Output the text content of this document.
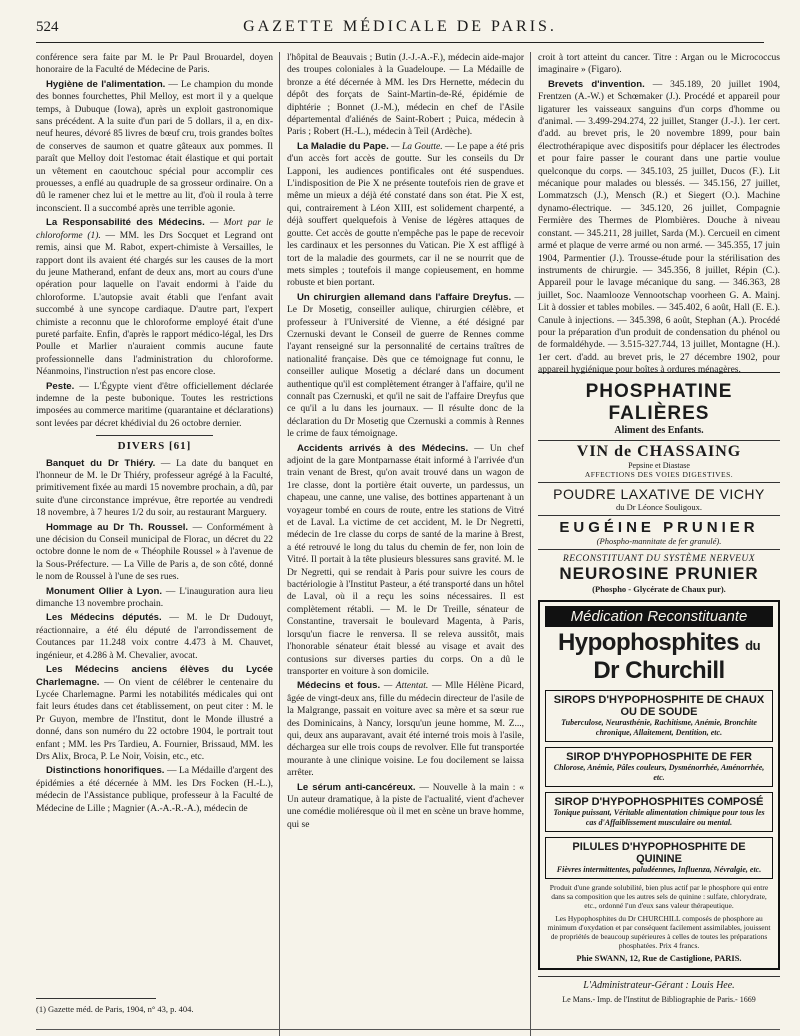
524	GAZETTE MÉDICALE DE PARIS.

conférence sera faite par M. le Pr Paul Brouardel, doyen honoraire de la Faculté de Médecine de Paris.

Hygiène de l'alimentation. — Le champion du monde des bonnes fourchettes, Phil Melloy, est mort il y a quelque temps, à Dubuque (Iowa), après un exploit gastronomique sans précédent. A la suite d'un pari de 5 dollars, il a, en dix-neuf heures, dévoré 85 livres de bœuf cru, trois grandes boîtes de conserves de saumon et quatre gâteaux aux pommes. Il paraît que Melloy doit l'estomac était élastique et qui portait un vêtement en caoutchouc spécial pour accomplir ces prouesses, a enflé au quadruple de sa grosseur ordinaire. On a dû le ramener chez lui et le mettre au lit, d'où il roula à terre inconscient. Il a succombé après une terrible agonie.

La Responsabilité des Médecins. — Mort par le chloroforme (1). — MM. les Drs Socquet et Legrand ont remis, ainsi que M. Rabot, expert-chimiste à Versailles, le rapport dont ils avaient été chargés sur les causes de la mort du jeune Matherand, enfant de deux ans, mort au cours d'une opération pour laquelle on l'avait endormi à l'aide du chloroforme. L'autopsie avait établi que l'enfant avait succombé à une syncope cardiaque. D'autre part, l'expert chimiste a reconnu que le chloroforme employé était d'une pureté parfaite. Enfin, d'après le rapport médico-légal, les Drs Poulle et Marlier n'auraient commis aucune faute professionnelle dans l'administration du chloroforme. Néanmoins, l'instruction n'est pas encore close.

Peste. — L'Égypte vient d'être officiellement déclarée indemne de la peste bubonique. Toutes les restrictions imposées au commerce maritime (quarantaine et déclarations) sont levées par décret khédivial du 26 octobre dernier.

DIVERS [61]

Banquet du Dr Thiéry. — La date du banquet en l'honneur de M. le Dr Thiéry, professeur agrégé à la Faculté, primitivement fixée au mardi 15 novembre prochain, a dû, par suite d'une circonstance imprévue, être reportée au vendredi 18 novembre, à 7 heures 1/2 du soir, au restaurant Marguery.

Hommage au Dr Th. Roussel. — Conformément à une décision du Conseil municipal de Florac, un décret du 22 octobre donne le nom de « Théophile Roussel » à l'avenue de la Sous-Préfecture. — La Ville de Paris a, de son côté, donné le nom de Roussel à l'une de ses rues.

Monument Ollier à Lyon. — L'inauguration aura lieu dimanche 13 novembre prochain.

Les Médecins députés. — M. le Dr Dudouyt, réactionnaire, a été élu député de l'arrondissement de Coutances par 11.248 voix contre 4.473 à M. Chauvet, ingénieur, et 4.286 à M. Chevalier, avocat.

Les Médecins anciens élèves du Lycée Charlemagne. — On vient de célébrer le centenaire du Lycée Charlemagne. Parmi les notabilités médicales qui ont fait leurs études dans cet établissement, on peut citer : M. le Pr Guyon, membre de l'Institut, dont le Monde illustré a donné, dans son numéro du 22 octobre 1904, le portrait tout enfant ; MM. les Prs Tardieu, A. Fournier, Brissaud, MM. les Drs Alix, Broca, P. Le Noir, Voisin, etc., etc.

Distinctions honorifiques. — La Médaille d'argent des épidémies a été décernée à MM. les Drs Focken (H.-L.), médecin de l'Assistance publique, professeur à la Faculté de Médecine de Lille ; Magnier (A.-A.-R.-A.), médecin de

(1) Gazette méd. de Paris, 1904, n° 43, p. 404.

l'hôpital de Beauvais ; Butin (J.-J.-A.-F.), médecin aide-major des troupes coloniales à la Guadeloupe. — La Médaille de bronze a été décernée à MM. les Drs Hernette, médecin du dépôt des forçats de Saint-Martin-de-Ré, épidémie de diphtérie ; Bonnet (J.-M.), médecin en chef de l'Asile départemental d'aliénés de Saint-Robert ; Puica, médecin à Paris ; Robert (H.-L.), médecin à Teil (Ardèche).

La Maladie du Pape. — La Goutte. — Le pape a été pris d'un accès fort accès de goutte. Sur les conseils du Dr Lapponi, les audiences pontificales ont été suspendues. L'indisposition de Pie X ne présente toutefois rien de grave et même un mieux a déjà été constaté dans son état. Pie X est, qui, contrairement à Léon XIII, est solidement charpenté, a déjà souffert quelquefois à Venise de légères attaques de goutte. Cet accès de goutte n'empêche pas le pape de recevoir les cardinaux et les personnes du Vatican. Pie X est affligé à tort de la maladie des gourmets, car il ne se nourrit que de mets simples ; toutefois il mange copieusement, en homme robuste et bien portant.

Un chirurgien allemand dans l'affaire Dreyfus. — Le Dr Mosetig, conseiller aulique, chirurgien célèbre, et professeur à l'Université de Vienne, a été désigné par Czernuski devant le Conseil de guerre de Rennes comme l'ayant renseigné sur la personnalité de certains traîtres de nationalité française. Dès que ce témoignage fut connu, le conseiller aulique Mosetig a déclaré dans un document authentique qu'il est complètement étranger à l'affaire, qu'il ne connaît pas Czernuski, et qu'il ne sait de l'affaire Dreyfus que ce qu'il a lu dans les journaux. — Il résulte donc de la déclaration du Dr Mosetig que Czernuski a commis à Rennes le crime de faux témoignage.

Accidents arrivés à des Médecins. — Un chef adjoint de la gare Montparnasse était informé à l'arrivée d'un train venant de Brest, qu'on avait trouvé dans un wagon de 1re classe, dont la portière était ouverte, un pardessus, un chapeau, une canne, une valise, des bottines appartenant à un voyageur tombé en cours de route, entre les stations de Vitré et de Laval. La victime de cet accident, M. le Dr Negretti, médecin de 1re classe du corps de santé de la marine à Brest, a été retrouvé le long du talus du chemin de fer, non loin de Vitré. Il portait à la tête plusieurs blessures sans gravité. M. le Dr Negretti, qui se rendait à Paris pour suivre les cours de bactériologie à l'Institut Pasteur, a été transporté dans un hôtel de Laval, où il a reçu les soins nécessaires. Il est complètement rétabli. — M. le Dr Treille, sénateur de Constantine, traversait le boulevard Magenta, à Paris, lorsqu'un fiacre le renversa. Il se releva aussitôt, mais l'honorable sénateur était blessé au visage et avait des contusions sur diverses parties du corps. On a dû le transporter en voiture à son domicile.

Médecins et fous. — Attentat. — Mlle Hélène Picard, âgée de vingt-deux ans, fille du médecin directeur de l'asile de la Malgrange, passait en voiture avec sa mère et sa sœur rue des Dominicains, à Nancy, lorsqu'un jeune homme, M. Z..., qui, deux ans auparavant, avait été interné trois mois à l'asile, déchargea sur elle trois coups de revolver. Elle fut transportée mourante à une clinique voisine. Le fou docilement se laissa arrêter.

Le sérum anti-cancéreux. — Nouvelle à la main : « Un auteur dramatique, à la piste de l'actualité, vient d'achever une comédie moliéresque où il met en scène un brave homme, qui se

croit à tort atteint du cancer. Titre : Argan ou le Micrococcus imaginaire » (Figaro).

Brevets d'invention. — 345.189, 20 juillet 1904, Frentzen (A.-W.) et Schœmaker (J.). Procédé et appareil pour ligaturer les vaisseaux sanguins d'un corps d'homme ou d'animal. — 3.499-294.274, 22 juillet, Stanger (J.-J.). 1er cert. d'add. au brevet pris, le 20 novembre 1899, pour bain électrothérapique avec dispositifs pour déplacer les électrodes et pour faire passer le courant dans une partie voulue quelconque du corps. — 345.103, 25 juillet, Ducos (F.). Lit mécanique pour malades ou blessés. — 345.156, 27 juillet, Lommatzsch (J.), Mensch (R.) et Siegert (O.). Machine dynamo-électrique. — 345.120, 26 juillet, Compagnie Fermière des Thermes de Plombières. Douche à niveau constant. — 345.211, 28 juillet, Sarda (M.). Cercueil en ciment armé et plaque de verre armé ou non armé. — 345.355, 17 juin 1904, Parmentier (J.). Trousse-étude pour la stérilisation des instruments de chirurgie. — 345.356, 8 juillet, Répin (C.). Appareil pour le lavage mécanique du sang. — 346.363, 28 juillet, Soc. Naamlooze Vennootschap voorheen G. A. Mainj. Lit à dossier et tables mobiles. — 345.402, 6 août, Hall (E. E.). Canule à injections. — 345.398, 6 août, Stephan (A.). Procédé pour la préparation d'un produit de condensation du phénol ou de formaldéhyde. — 3.515-327.744, 13 juillet, Montagne (H.). 1er cert. d'add. au brevet pris, le 27 décembre 1902, pour appareil hygiénique pour boîtes à ordures ménagères.

PHOSPHATINE FALIÈRES
Aliment des Enfants.
VIN de CHASSAING
Pepsine et Diastase
AFFECTIONS DES VOIES DIGESTIVES.
POUDRE LAXATIVE DE VICHY
du Dr Léonce Souligoux.
EUGÉINE PRUNIER
(Phospho-mannitate de fer granulé).
RECONSTITUANT DU SYSTÈME NERVEUX
NEUROSINE PRUNIER
(Phospho - Glycérate de Chaux pur).
Médication Reconstituante
Hypophosphites du Dr Churchill
SIROPS D'HYPOPHOSPHITE DE CHAUX OU DE SOUDE
Tuberculose, Neurasthénie, Rachitisme, Anémie, Bronchite chronique, Allaitement, Dentition, etc.
SIROP D'HYPOPHOSPHITE DE FER
Chlorose, Anémie, Pâles couleurs, Dysménorrhée, Aménorrhée, etc.
SIROP D'HYPOPHOSPHITES COMPOSÉ
Tonique puissant, Véritable alimentation chimique pour tous les cas d'Affaiblissement musculaire ou mental.
PILULES D'HYPOPHOSPHITE DE QUININE
Fièvres intermittentes, paludéennes, Influenza, Névralgie, etc.
Produit d'une grande solubilité, bien plus actif par le phosphore qui entre dans sa composition que les autres sels de quinine : sulfate, chlorydrate, etc., ordonné l'un d'eux sans valeur thérapeutique.
Les Hypophosphites du Dr CHURCHILL composés de phosphore au minimum d'oxydation et par conséquent facilement assimilables, jouissent de propriétés de beaucoup supérieures à celles de toutes les préparations phosphatées. Prix 4 francs.
Phie SWANN, 12, Rue de Castiglione, PARIS.
L'Administrateur-Gérant : Louis Hee.
Le Mans.- Imp. de l'Institut de Bibliographie de Paris.- 1669
